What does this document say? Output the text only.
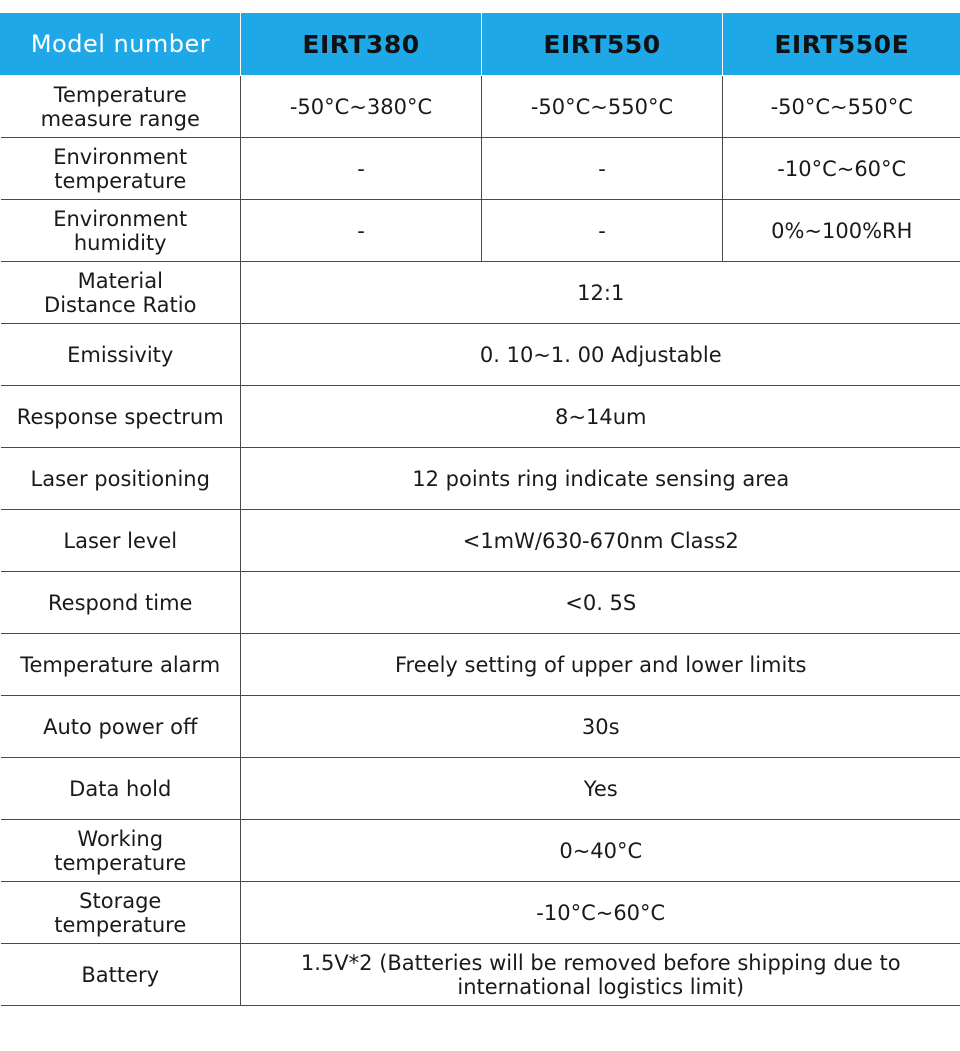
Model number	EIRT380	EIRT550	EIRT550E
Temperature
measure range	-50°C~380°C	-50°C~550°C	-50°C~550°C
Environment
temperature	-	-	-10°C~60°C
Environment
humidity	-	-	0%~100%RH
Material
Distance Ratio	12:1		
Emissivity	0. 10~1. 00 Adjustable		
Response spectrum	8~14um		
Laser positioning	12 points ring indicate sensing area		
Laser level	<1mW/630-670nm Class2		
Respond time	<0. 5S		
Temperature alarm	Freely setting of upper and lower limits		
Auto power off	30s		
Data hold	Yes		
Working
temperature	0~40°C		
Storage
temperature	-10°C~60°C		
Battery	1.5V*2 (Batteries will be removed before shipping due to
international logistics limit)		
